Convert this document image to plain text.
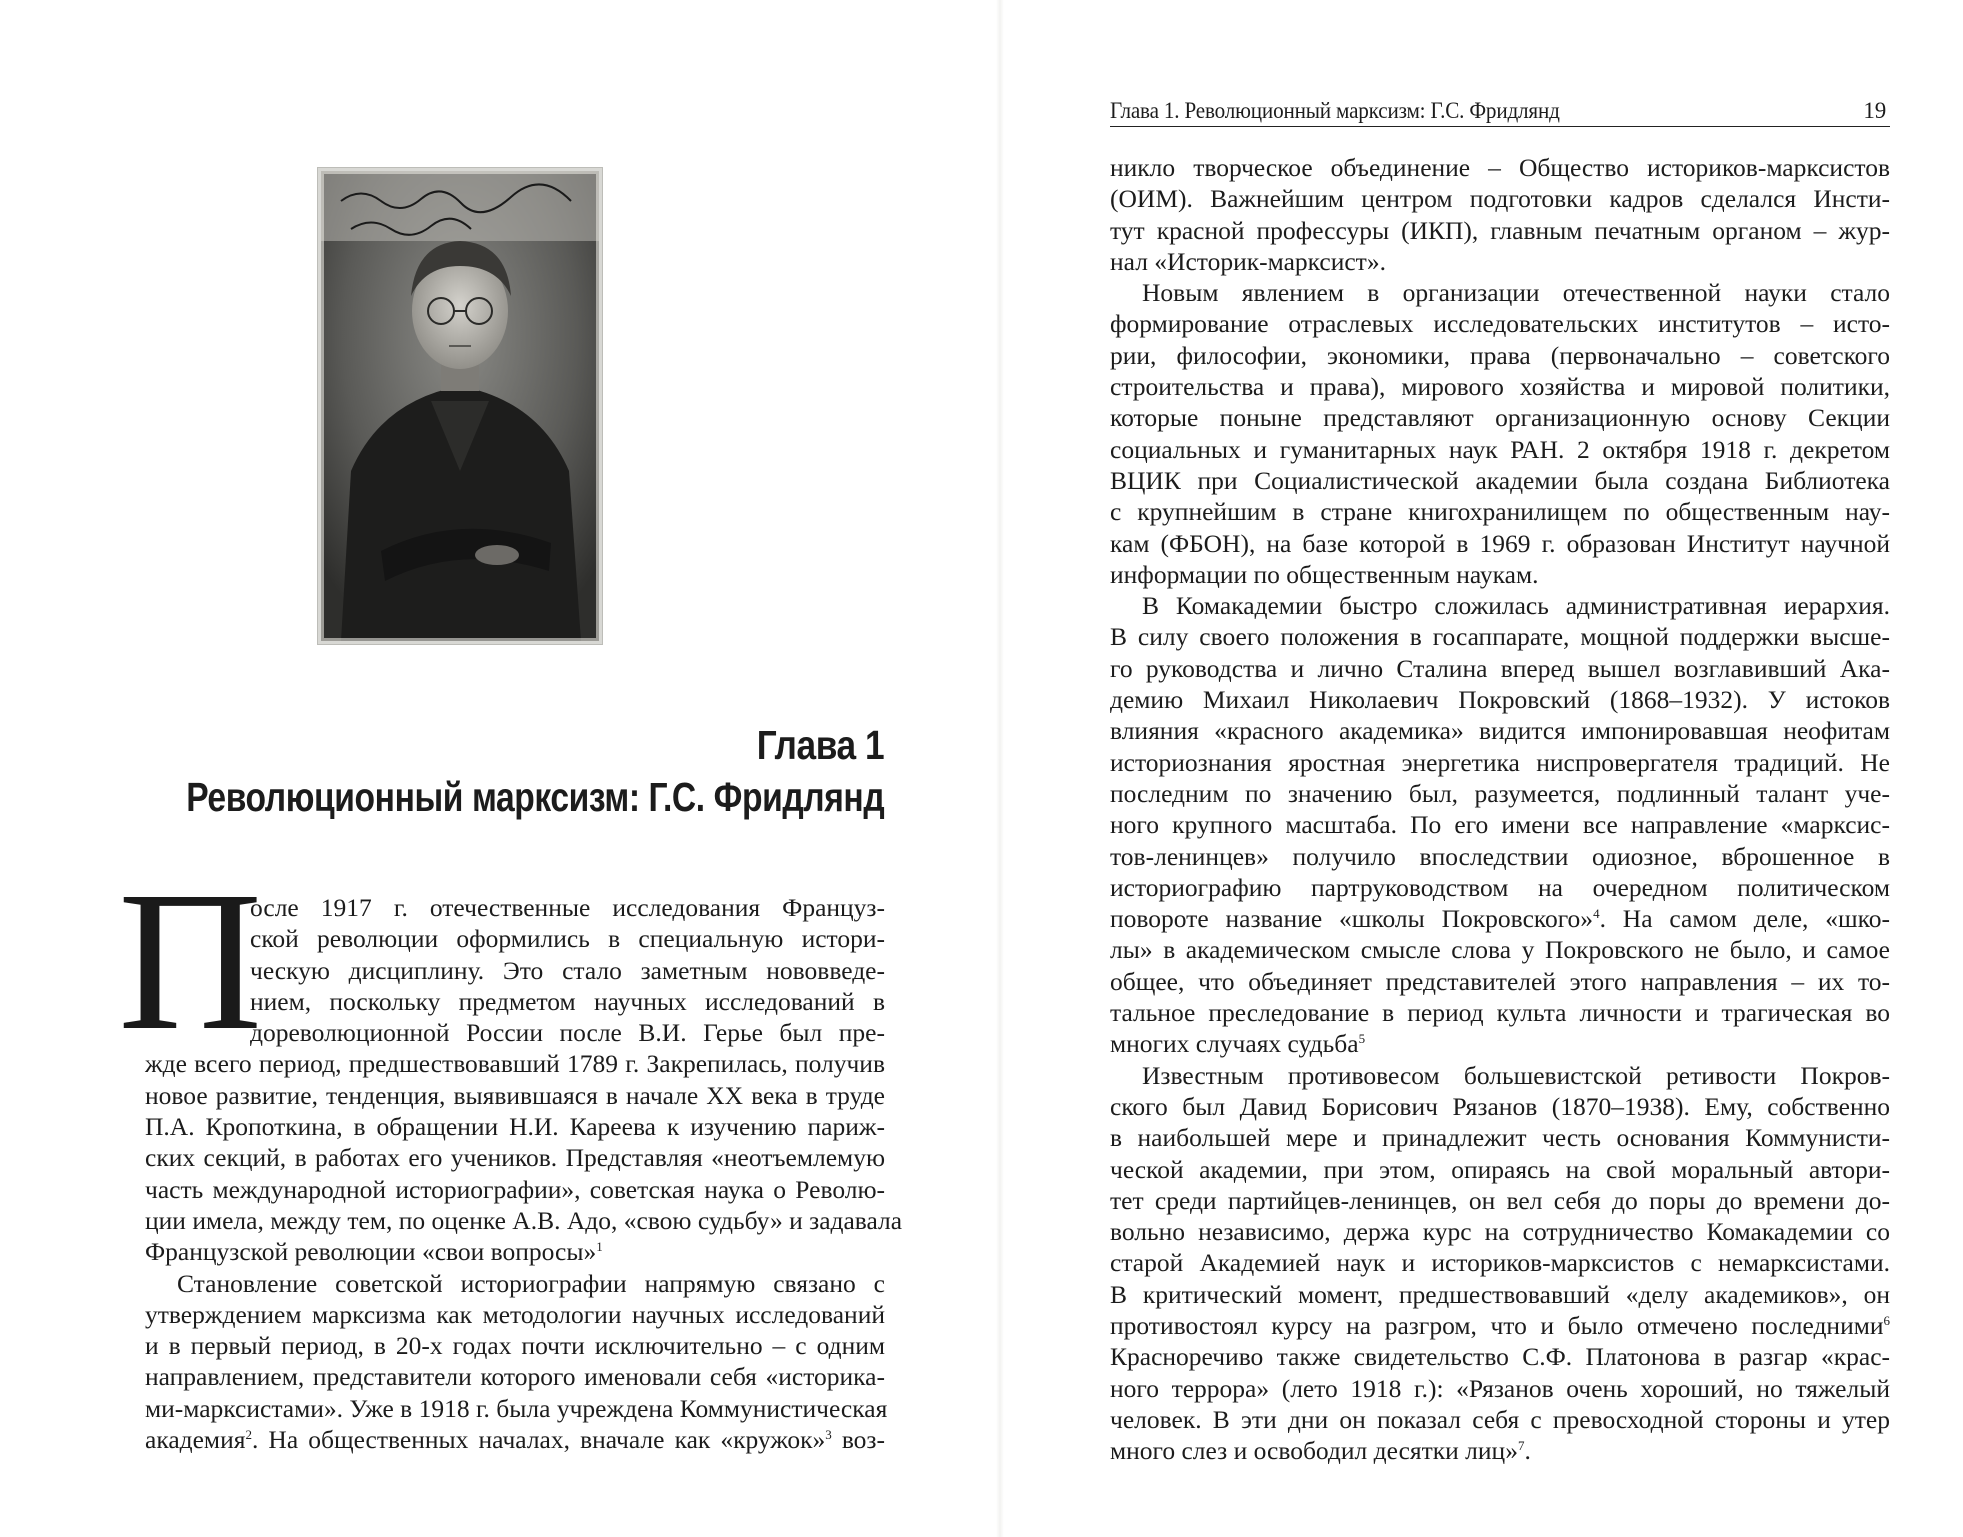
Глава 1
Революционный марксизм: Г.С. Фридлянд
П
осле 1917 г. отечественные исследования Француз-
ской революции оформились в специальную истори-
ческую дисциплину. Это стало заметным нововведе-
нием, поскольку предметом научных исследований в
дореволюционной России после В.И. Герье был пре-
жде всего период, предшествовавший 1789 г. Закрепилась, получив
новое развитие, тенденция, выявившаяся в начале XX века в труде
П.А. Кропоткина, в обращении Н.И. Кареева к изучению париж-
ских секций, в работах его учеников. Представляя «неотъемлемую
часть международной историографии», советская наука о Револю-
ции имела, между тем, по оценке А.В. Адо, «свою судьбу» и задавала
Французской революции «свои вопросы»$^1$
Становление советской историографии напрямую связано с
утверждением марксизма как методологии научных исследований
и в первый период, в 20-х годах почти исключительно – с одним
направлением, представители которого именовали себя «историка-
ми-марксистами». Уже в 1918 г. была учреждена Коммунистическая
академия$^2$. На общественных началах, вначале как «кружок»$^3$ воз-
Глава 1. Революционный марксизм: Г.С. Фридлянд	19
никло творческое объединение – Общество историков-марксистов
(ОИМ). Важнейшим центром подготовки кадров сделался Инсти-
тут красной профессуры (ИКП), главным печатным органом – жур-
нал «Историк-марксист».
Новым явлением в организации отечественной науки стало
формирование отраслевых исследовательских институтов – исто-
рии, философии, экономики, права (первоначально – советского
строительства и права), мирового хозяйства и мировой политики,
которые поныне представляют организационную основу Секции
социальных и гуманитарных наук РАН. 2 октября 1918 г. декретом
ВЦИК при Социалистической академии была создана Библиотека
с крупнейшим в стране книгохранилищем по общественным нау-
кам (ФБОН), на базе которой в 1969 г. образован Институт научной
информации по общественным наукам.
В Комакадемии быстро сложилась административная иерархия.
В силу своего положения в госаппарате, мощной поддержки высше-
го руководства и лично Сталина вперед вышел возглавивший Ака-
демию Михаил Николаевич Покровский (1868–1932). У истоков
влияния «красного академика» видится импонировавшая неофитам
историознания яростная энергетика ниспровергателя традиций. Не
последним по значению был, разумеется, подлинный талант уче-
ного крупного масштаба. По его имени все направление «марксис-
тов-ленинцев» получило впоследствии одиозное, вброшенное в
историографию партруководством на очередном политическом
повороте название «школы Покровского»$^4$. На самом деле, «шко-
лы» в академическом смысле слова у Покровского не было, и самое
общее, что объединяет представителей этого направления – их то-
тальное преследование в период культа личности и трагическая во
многих случаях судьба$^5$
Известным противовесом большевистской ретивости Покров-
ского был Давид Борисович Рязанов (1870–1938). Ему, собственно
в наибольшей мере и принадлежит честь основания Коммунисти-
ческой академии, при этом, опираясь на свой моральный автори-
тет среди партийцев-ленинцев, он вел себя до поры до времени до-
вольно независимо, держа курс на сотрудничество Комакадемии со
старой Академией наук и историков-марксистов с немарксистами.
В критический момент, предшествовавший «делу академиков», он
противостоял курсу на разгром, что и было отмечено последними$^6$
Красноречиво также свидетельство С.Ф. Платонова в разгар «крас-
ного террора» (лето 1918 г.): «Рязанов очень хороший, но тяжелый
человек. В эти дни он показал себя с превосходной стороны и утер
много слез и освободил десятки лиц»$^7$.
